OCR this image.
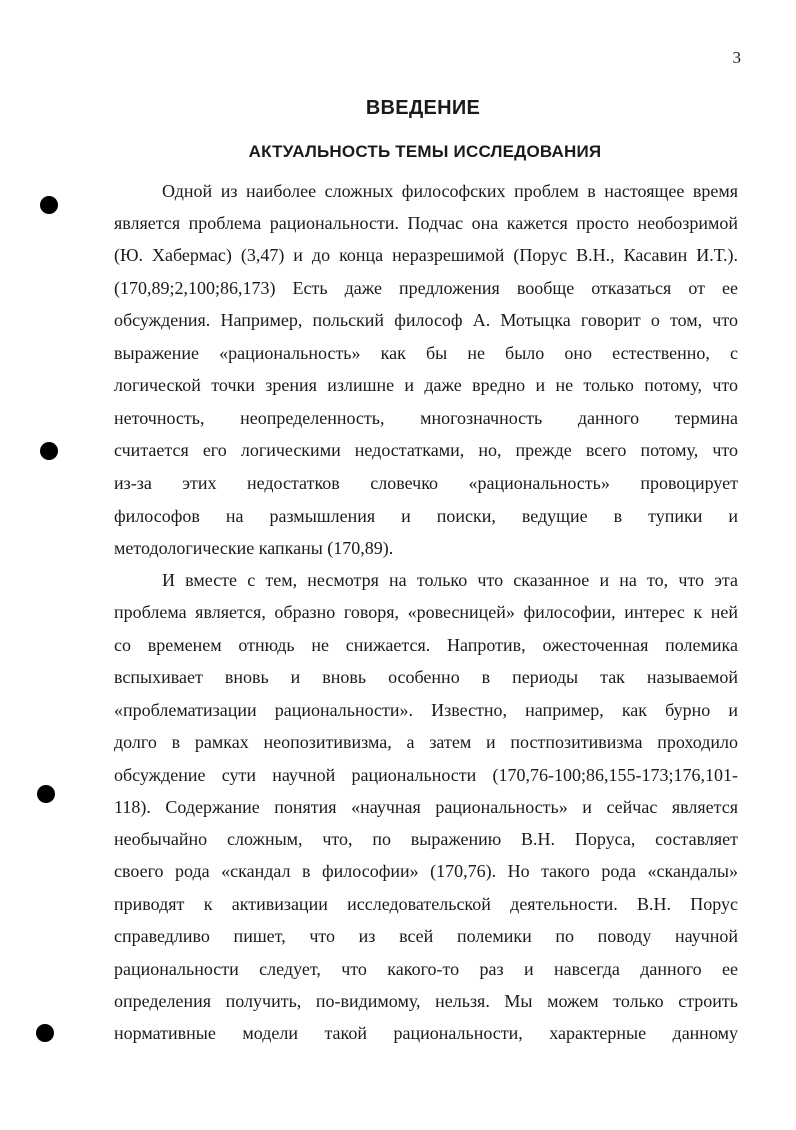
3
ВВЕДЕНИЕ
АКТУАЛЬНОСТЬ ТЕМЫ ИССЛЕДОВАНИЯ
Одной из наиболее сложных философских проблем в настоящее время
является проблема рациональности. Подчас она кажется просто необозримой
(Ю. Хабермас) (3,47) и до конца неразрешимой (Порус В.Н., Касавин И.Т.).
(170,89;2,100;86,173) Есть даже предложения вообще отказаться от ее
обсуждения. Например, польский философ А. Мотыцка говорит о том, что
выражение «рациональность» как бы не было оно естественно, с
логической точки зрения излишне и даже вредно и не только потому, что
неточность, неопределенность, многозначность данного термина
считается его логическими недостатками, но, прежде всего потому, что
из-за этих недостатков словечко «рациональность» провоцирует
философов на размышления и поиски, ведущие в тупики и
методологические капканы (170,89).
И вместе с тем, несмотря на только что сказанное и на то, что эта
проблема является, образно говоря, «ровесницей» философии, интерес к ней
со временем отнюдь не снижается. Напротив, ожесточенная полемика
вспыхивает вновь и вновь особенно в периоды так называемой
«проблематизации рациональности». Известно, например, как бурно и
долго в рамках неопозитивизма, а затем и постпозитивизма проходило
обсуждение сути научной рациональности (170,76-100;86,155-173;176,101-
118). Содержание понятия «научная рациональность» и сейчас является
необычайно сложным, что, по выражению В.Н. Поруса, составляет
своего рода «скандал в философии» (170,76). Но такого рода «скандалы»
приводят к активизации исследовательской деятельности. В.Н. Порус
справедливо пишет, что из всей полемики по поводу научной
рациональности следует, что какого-то раз и навсегда данного ее
определения получить, по-видимому, нельзя. Мы можем только строить
нормативные модели такой рациональности, характерные данному
